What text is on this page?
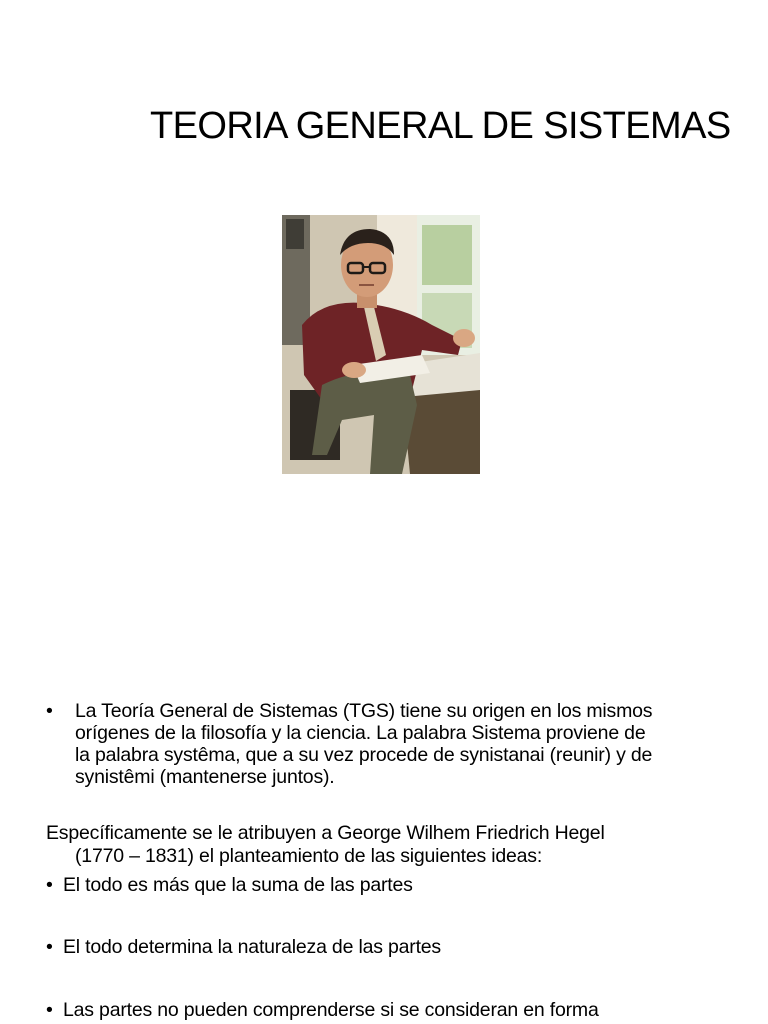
TEORIA GENERAL DE SISTEMAS
• La Teoría General de Sistemas (TGS) tiene su origen en los mismos
orígenes de la filosofía y la ciencia. La palabra Sistema proviene de
la palabra systêma, que a su vez procede de synistanai (reunir) y de
synistêmi (mantenerse juntos).
Específicamente se le atribuyen a George Wilhem Friedrich Hegel
(1770 – 1831) el planteamiento de las siguientes ideas:
• El todo es más que la suma de las partes
• El todo determina la naturaleza de las partes
• Las partes no pueden comprenderse si se consideran en forma
